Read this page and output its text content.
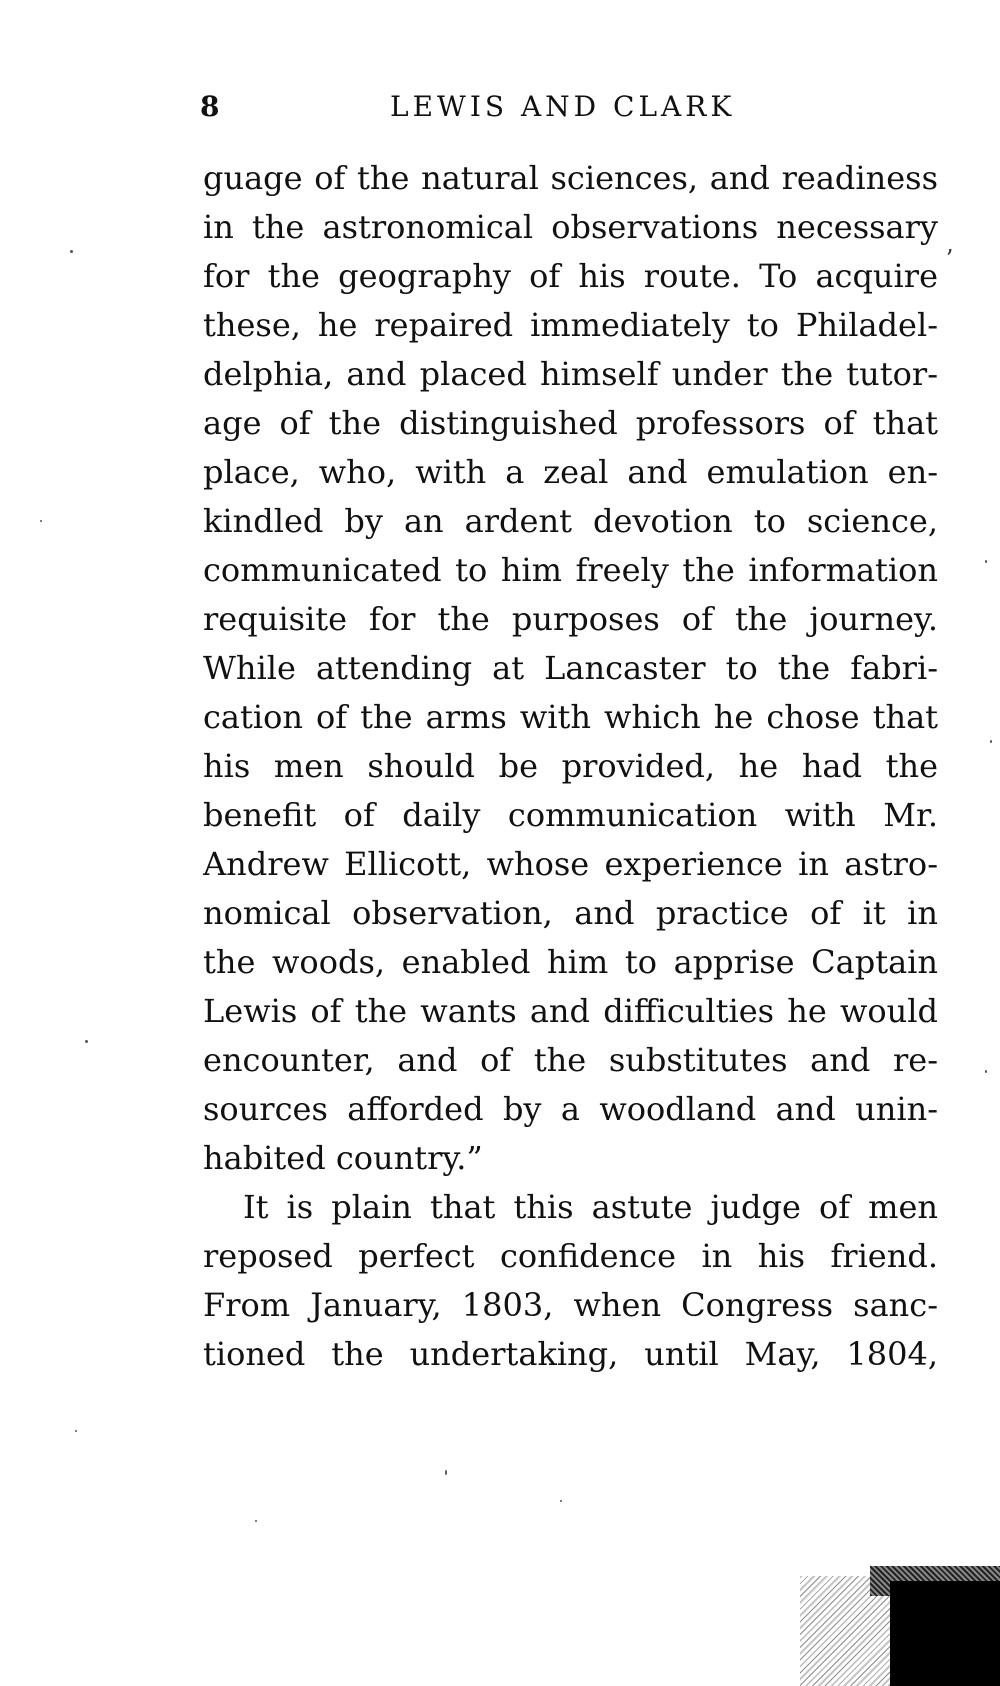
8	LEWIS AND CLARK
guage of the natural sciences, and readiness
in the astronomical observations necessary
for the geography of his route. To acquire
these, he repaired immediately to Philadel-
delphia, and placed himself under the tutor-
age of the distinguished professors of that
place, who, with a zeal and emulation en-
kindled by an ardent devotion to science,
communicated to him freely the information
requisite for the purposes of the journey.
While attending at Lancaster to the fabri-
cation of the arms with which he chose that
his men should be provided, he had the
benefit of daily communication with Mr.
Andrew Ellicott, whose experience in astro-
nomical observation, and practice of it in
the woods, enabled him to apprise Captain
Lewis of the wants and difficulties he would
encounter, and of the substitutes and re-
sources afforded by a woodland and unin-
habited country.”
It is plain that this astute judge of men
reposed perfect confidence in his friend.
From January, 1803, when Congress sanc-
tioned the undertaking, until May, 1804,
ʼ
